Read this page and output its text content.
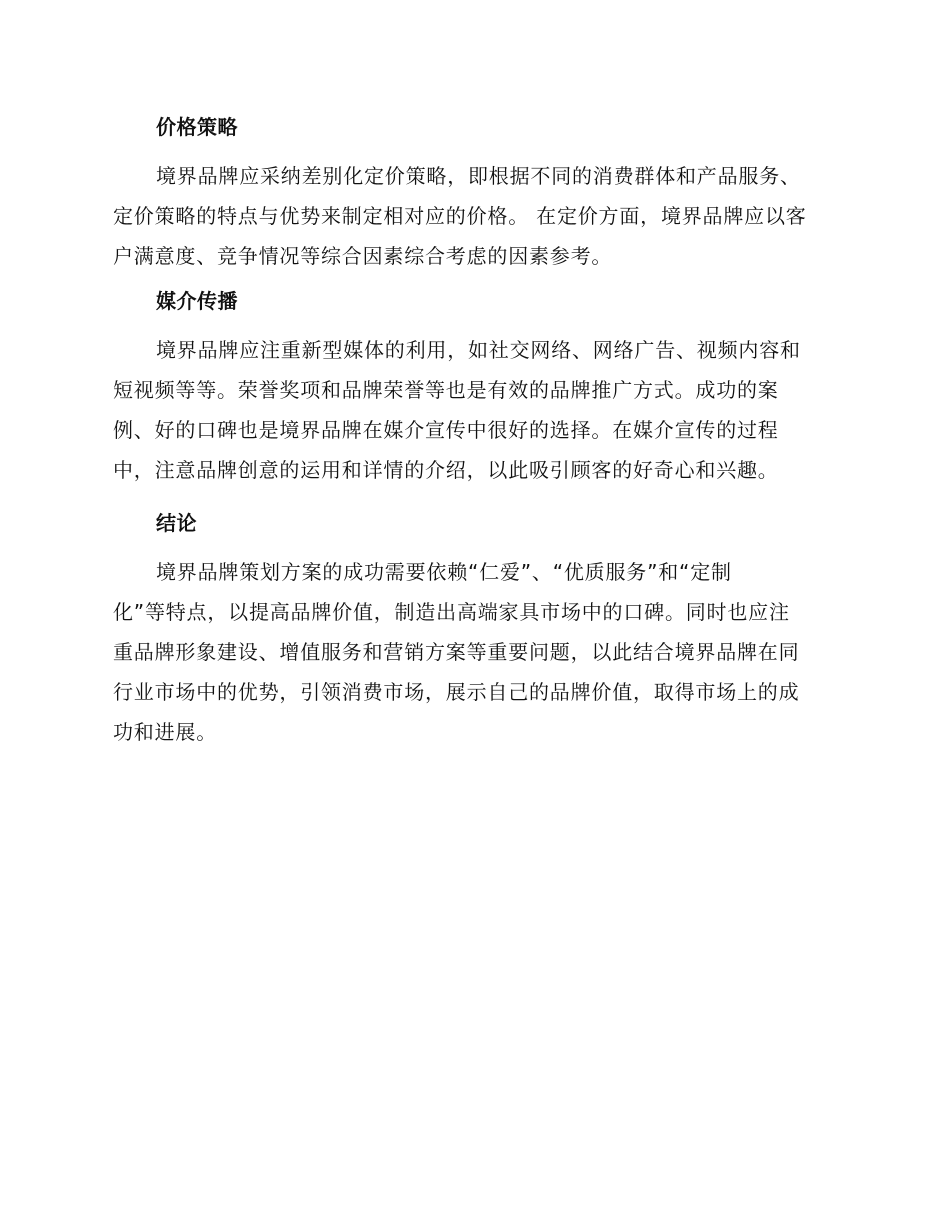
价格策略
境界品牌应采纳差别化定价策略，即根据不同的消费群体和产品服务、
定价策略的特点与优势来制定相对应的价格。 在定价方面，境界品牌应以客
户满意度、竞争情况等综合因素综合考虑的因素参考。
媒介传播
境界品牌应注重新型媒体的利用，如社交网络、网络广告、视频内容和
短视频等等。荣誉奖项和品牌荣誉等也是有效的品牌推广方式。成功的案
例、好的口碑也是境界品牌在媒介宣传中很好的选择。在媒介宣传的过程
中，注意品牌创意的运用和详情的介绍，以此吸引顾客的好奇心和兴趣。
结论
境界品牌策划方案的成功需要依赖“仁爱”、“优质服务”和“定制
化”等特点，以提高品牌价值，制造出高端家具市场中的口碑。同时也应注
重品牌形象建设、增值服务和营销方案等重要问题，以此结合境界品牌在同
行业市场中的优势，引领消费市场，展示自己的品牌价值，取得市场上的成
功和进展。
